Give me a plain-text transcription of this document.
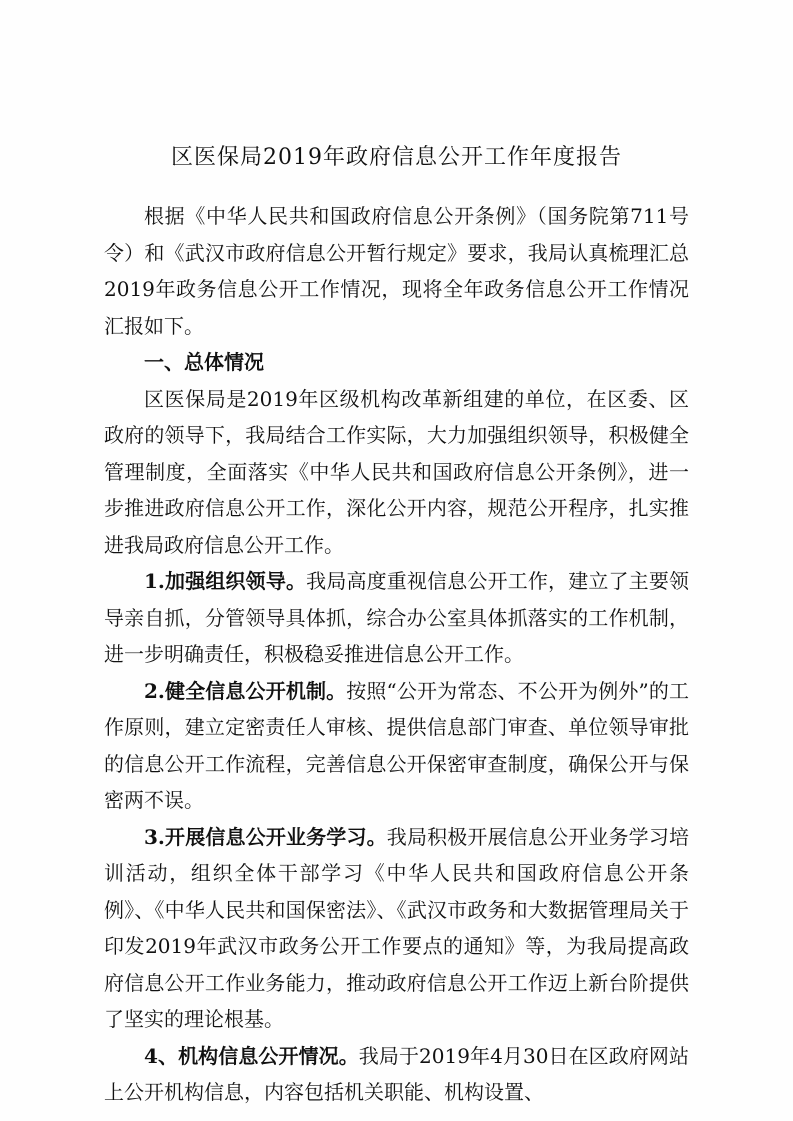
区医保局2019年政府信息公开工作年度报告

根据《中华人民共和国政府信息公开条例》（国务院第711号令）和《武汉市政府信息公开暂行规定》要求，我局认真梳理汇总2019年政务信息公开工作情况，现将全年政务信息公开工作情况汇报如下。

一、总体情况

区医保局是2019年区级机构改革新组建的单位，在区委、区政府的领导下，我局结合工作实际，大力加强组织领导，积极健全管理制度，全面落实《中华人民共和国政府信息公开条例》，进一步推进政府信息公开工作，深化公开内容，规范公开程序，扎实推进我局政府信息公开工作。

1.加强组织领导。我局高度重视信息公开工作，建立了主要领导亲自抓，分管领导具体抓，综合办公室具体抓落实的工作机制，进一步明确责任，积极稳妥推进信息公开工作。

2.健全信息公开机制。按照“公开为常态、不公开为例外”的工作原则，建立定密责任人审核、提供信息部门审查、单位领导审批的信息公开工作流程，完善信息公开保密审查制度，确保公开与保密两不误。

3.开展信息公开业务学习。我局积极开展信息公开业务学习培训活动，组织全体干部学习《中华人民共和国政府信息公开条例》、《中华人民共和国保密法》、《武汉市政务和大数据管理局关于印发2019年武汉市政务公开工作要点的通知》等，为我局提高政府信息公开工作业务能力，推动政府信息公开工作迈上新台阶提供了坚实的理论根基。

4、机构信息公开情况。我局于2019年4月30日在区政府网站上公开机构信息，内容包括机关职能、机构设置、
